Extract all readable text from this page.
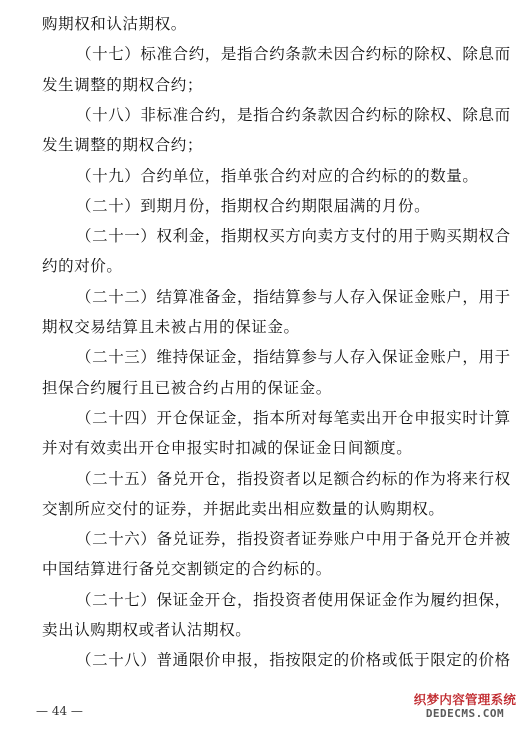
购期权和认沽期权。
（十七）标准合约，是指合约条款未因合约标的除权、除息而
发生调整的期权合约；
（十八）非标准合约，是指合约条款因合约标的除权、除息而
发生调整的期权合约；
（十九）合约单位，指单张合约对应的合约标的的数量。
（二十）到期月份，指期权合约期限届满的月份。
（二十一）权利金，指期权买方向卖方支付的用于购买期权合
约的对价。
（二十二）结算准备金，指结算参与人存入保证金账户，用于
期权交易结算且未被占用的保证金。
（二十三）维持保证金，指结算参与人存入保证金账户，用于
担保合约履行且已被合约占用的保证金。
（二十四）开仓保证金，指本所对每笔卖出开仓申报实时计算
并对有效卖出开仓申报实时扣减的保证金日间额度。
（二十五）备兑开仓，指投资者以足额合约标的作为将来行权
交割所应交付的证券，并据此卖出相应数量的认购期权。
（二十六）备兑证券，指投资者证券账户中用于备兑开仓并被
中国结算进行备兑交割锁定的合约标的。
（二十七）保证金开仓，指投资者使用保证金作为履约担保，
卖出认购期权或者认沽期权。
（二十八）普通限价申报，指按限定的价格或低于限定的价格
— 44 —
织梦内容管理系统
DEDECMS.COM
